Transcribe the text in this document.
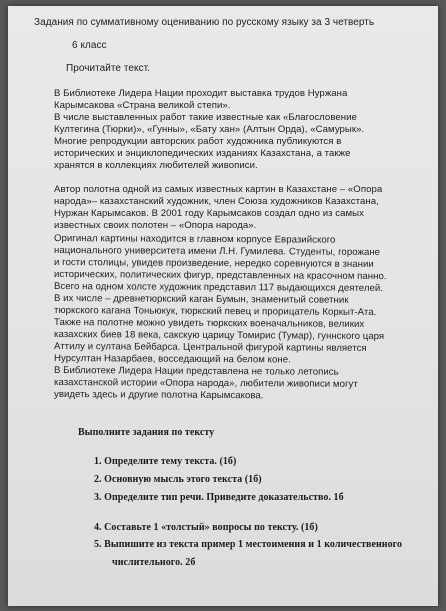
Задания по суммативному оцениванию по русскому языку за 3 четверть
6 класс
Прочитайте текст.
В Библиотеке Лидера Нации проходит выставка трудов Нуржана
Карымсакова «Страна великой степи».
В числе выставленных работ такие известные как «Благословение
Култегина (Тюрки)», «Гунны», «Бату хан» (Алтын Орда), «Самурык».
Многие репродукции авторских работ художника публикуются в
исторических и энциклопедических изданиях Казахстана, а также
хранятся в коллекциях любителей живописи.
Автор полотна одной из самых известных картин в Казахстане – «Опора
народа»– казахстанский художник, член Союза художников Казахстана,
Нуржан Карымсаков. В 2001 году Карымсаков создал одно из самых
известных своих полотен – «Опора народа».
Оригинал картины находится в главном корпусе Евразийского
национального университета имени Л.Н. Гумилева. Студенты, горожане
и гости столицы, увидев произведение, нередко соревнуются в знании
исторических, политических фигур, представленных на красочном панно.
Всего на одном холсте художник представил 117 выдающихся деятелей.
В их числе – древнетюркский каган Бумын, знаменитый советник
тюркского кагана Тоньюкук, тюркский певец и прорицатель Коркыт-Ата.
Также на полотне можно увидеть тюркских военачальников, великих
казахских биев 18 века, сакскую царицу Томирис (Тумар), гуннского царя
Аттилу и султана Бейбарса. Центральной фигурой картины является
Нурсултан Назарбаев, восседающий на белом коне.
В Библиотеке Лидера Нации представлена не только летопись
казахстанской истории «Опора народа», любители живописи могут
увидеть здесь и другие полотна Карымсакова.
Выполните задания по тексту
1. Определите тему текста. (1б)
2. Основную мысль этого текста (1б)
3. Определите тип речи. Приведите доказательство. 1б
4. Составьте 1 «толстый» вопросы по тексту. (1б)
5. Выпишите из текста пример 1 местоимения и 1 количественного
числительного. 2б
